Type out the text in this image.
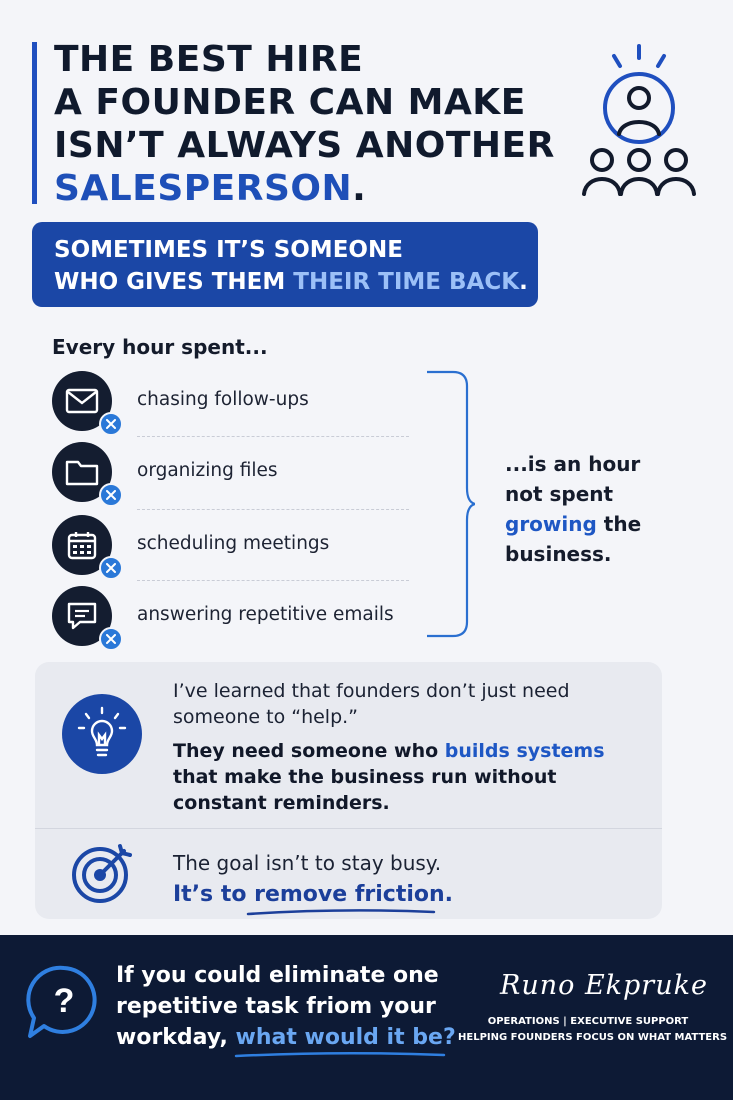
THE BEST HIRE
A FOUNDER CAN MAKE
ISN’T ALWAYS ANOTHER
SALESPERSON.
SOMETIMES IT’S SOMEONE
WHO GIVES THEM THEIR TIME BACK.
Every hour spent...
chasing follow-ups
organizing files
scheduling meetings
answering repetitive emails
...is an hour
not spent
growing the
business.
I’ve learned that founders don’t just need
someone to “help.”
They need someone who builds systems
that make the business run without
constant reminders.
The goal isn’t to stay busy.
It’s to remove friction.
?
If you could eliminate one
repetitive task friom your
workday, what would it be?
Runo Ekpruke
OPERATIONS | EXECUTIVE SUPPORT
HELPING FOUNDERS FOCUS ON WHAT MATTERS
